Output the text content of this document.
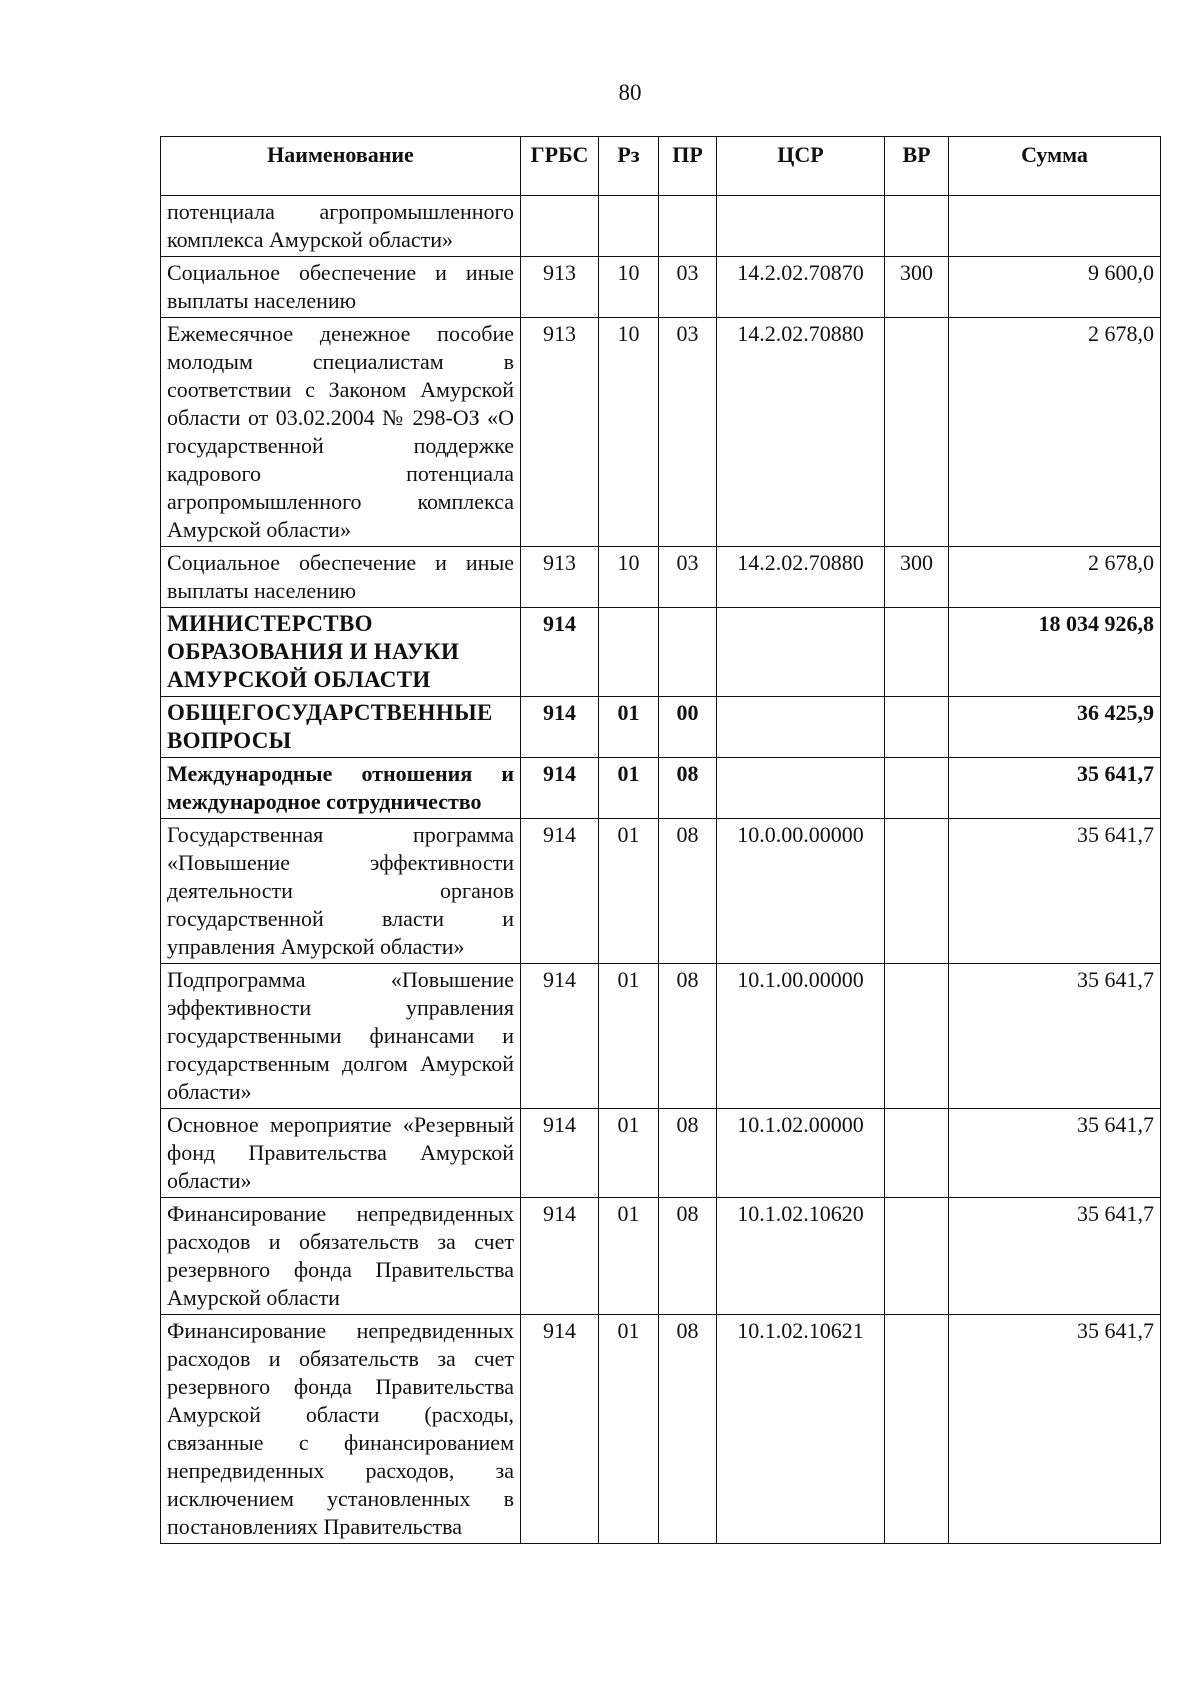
80
Наименование	ГРБС	Рз	ПР	ЦСР	ВР	Сумма
потенциала агропромышленного комплекса Амурской области»						
Социальное обеспечение и иные выплаты населению	913	10	03	14.2.02.70870	300	9 600,0
Ежемесячное денежное пособие молодым специалистам в соответствии с Законом Амурской области от 03.02.2004 № 298-ОЗ «О государственной поддержке кадрового потенциала агропромышленного комплекса Амурской области»	913	10	03	14.2.02.70880		2 678,0
Социальное обеспечение и иные выплаты населению	913	10	03	14.2.02.70880	300	2 678,0
МИНИСТЕРСТВО ОБРАЗОВАНИЯ И НАУКИ АМУРСКОЙ ОБЛАСТИ	914					18 034 926,8
ОБЩЕГОСУДАРСТВЕННЫЕ ВОПРОСЫ	914	01	00			36 425,9
Международные отношения и международное сотрудничество	914	01	08			35 641,7
Государственная программа «Повышение эффективности деятельности органов государственной власти и управления Амурской области»	914	01	08	10.0.00.00000		35 641,7
Подпрограмма «Повышение эффективности управления государственными финансами и государственным долгом Амурской области»	914	01	08	10.1.00.00000		35 641,7
Основное мероприятие «Резервный фонд Правительства Амурской области»	914	01	08	10.1.02.00000		35 641,7
Финансирование непредвиденных расходов и обязательств за счет резервного фонда Правительства Амурской области	914	01	08	10.1.02.10620		35 641,7
Финансирование непредвиденных расходов и обязательств за счет резервного фонда Правительства Амурской области (расходы, связанные с финансированием непредвиденных расходов, за исключением установленных в постановлениях Правительства	914	01	08	10.1.02.10621		35 641,7
